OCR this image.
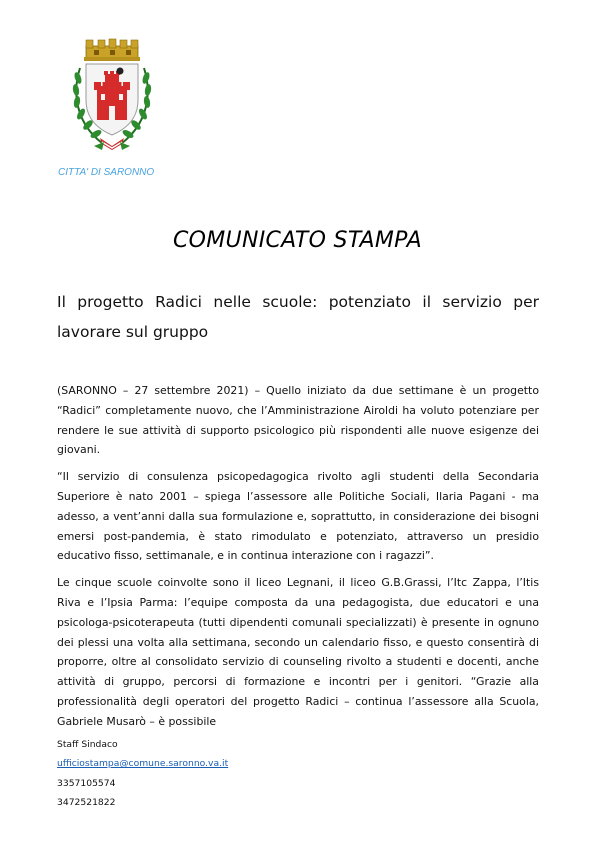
CITTA' DI SARONNO
COMUNICATO STAMPA
Il progetto Radici nelle scuole: potenziato il servizio per lavorare sul gruppo

(SARONNO – 27 settembre 2021) – Quello iniziato da due settimane è un progetto “Radici” completamente nuovo, che l’Amministrazione Airoldi ha voluto potenziare per rendere le sue attività di supporto psicologico più rispondenti alle nuove esigenze dei giovani.

“Il servizio di consulenza psicopedagogica rivolto agli studenti della Secondaria Superiore è nato 2001 – spiega l’assessore alle Politiche Sociali, Ilaria Pagani - ma adesso, a vent’anni dalla sua formulazione e, soprattutto, in considerazione dei bisogni emersi post-pandemia, è stato rimodulato e potenziato, attraverso un presidio educativo fisso, settimanale, e in continua interazione con i ragazzi”.

Le cinque scuole coinvolte sono il liceo Legnani, il liceo G.B.Grassi, l’Itc Zappa, l’Itis Riva e l’Ipsia Parma: l’equipe composta da una pedagogista, due educatori e una psicologa-psicoterapeuta (tutti dipendenti comunali specializzati) è presente in ognuno dei plessi una volta alla settimana, secondo un calendario fisso, e questo consentirà di proporre, oltre al consolidato servizio di counseling rivolto a studenti e docenti, anche attività di gruppo, percorsi di formazione e incontri per i genitori. “Grazie alla professionalità degli operatori del progetto Radici – continua l’assessore alla Scuola, Gabriele Musarò – è possibile

Staff Sindaco
ufficiostampa@comune.saronno.va.it
3357105574
3472521822
